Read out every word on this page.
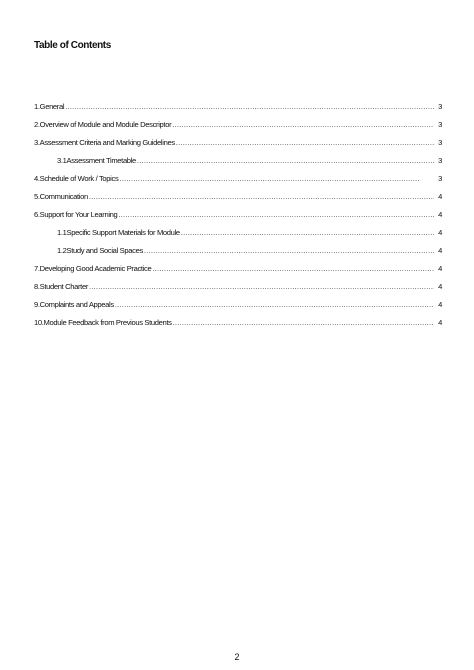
Table of Contents
1.General .....	3
2.Overview of Module and Module Descriptor .....	3
3.Assessment Criteria and Marking Guidelines .....	3
3.1Assessment Timetable .....	3
4.Schedule of Work / Topics .....	3
5.Communication .....	4
6.Support for Your Learning .....	4
1.1Specific Support Materials for Module .....	4
1.2Study and Social Spaces .....	4
7.Developing Good Academic Practice .....	4
8.Student Charter .....	4
9.Complaints and Appeals .....	4
10.Module Feedback from Previous Students .....	4

2
